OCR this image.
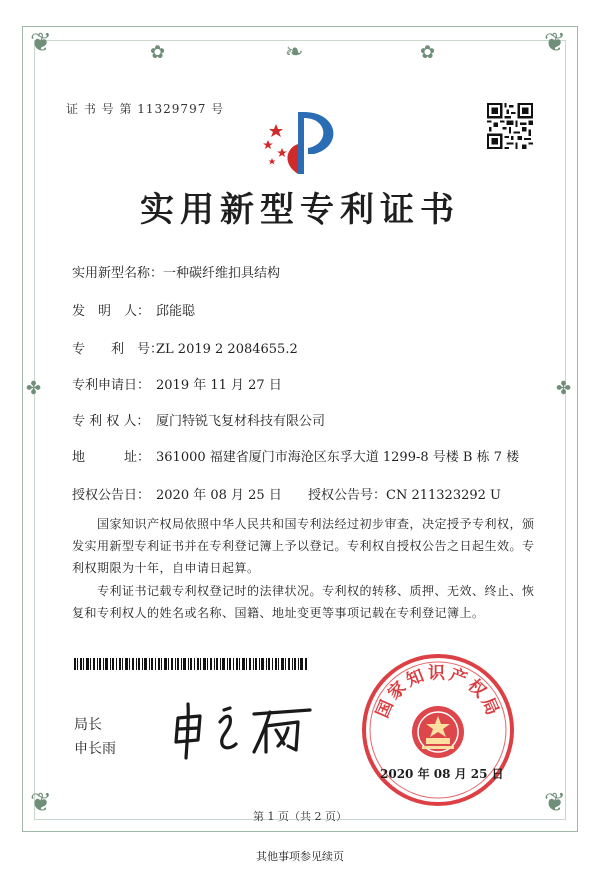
❦	❦
❦	❦
❧
✿	✿
✤	✤
证 书 号 第 11329797 号
实用新型专利证书
实用新型名称：一种碳纤维扣具结构
发　明　人： 邱能聪
专　　利　号：ZL 2019 2 2084655.2
专利申请日： 2019 年 11 月 27 日
专 利 权 人： 厦门特锐飞复材科技有限公司
地　　　址： 361000 福建省厦门市海沧区东孚大道 1299-8 号楼 B 栋 7 楼
授权公告日： 2020 年 08 月 25 日 授权公告号：CN 211323292 U
　　国家知识产权局依照中华人民共和国专利法经过初步审查，决定授予专利权，颁发实用新型专利证书并在专利登记簿上予以登记。专利权自授权公告之日起生效。专利权期限为十年，自申请日起算。
　　专利证书记载专利权登记时的法律状况。专利权的转移、质押、无效、终止、恢复和专利权人的姓名或名称、国籍、地址变更等事项记载在专利登记簿上。
局长
申长雨
国家知识产权局
2020 年 08 月 25 日
第 1 页（共 2 页）
其他事项参见续页
